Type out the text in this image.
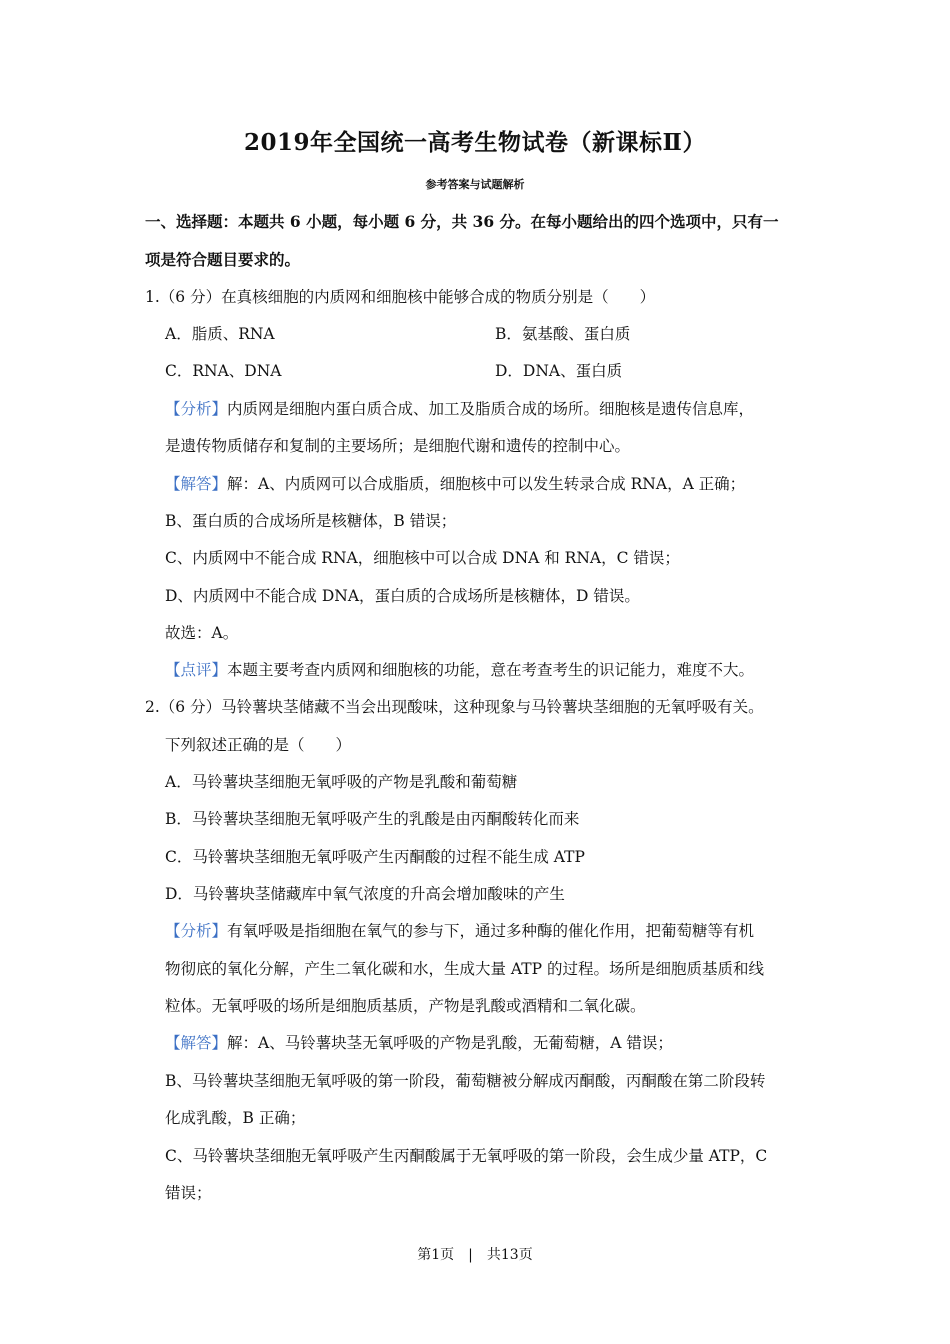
2019年全国统一高考生物试卷（新课标Ⅱ）
参考答案与试题解析
一、选择题：本题共 6 小题，每小题 6 分，共 36 分。在每小题给出的四个选项中，只有一
项是符合题目要求的。
1.（6 分）在真核细胞的内质网和细胞核中能够合成的物质分别是（　　）
A．脂质、RNA	B．氨基酸、蛋白质
C．RNA、DNA	D．DNA、蛋白质
【分析】内质网是细胞内蛋白质合成、加工及脂质合成的场所。细胞核是遗传信息库，
是遗传物质储存和复制的主要场所；是细胞代谢和遗传的控制中心。
【解答】解：A、内质网可以合成脂质，细胞核中可以发生转录合成 RNA，A 正确；
B、蛋白质的合成场所是核糖体，B 错误；
C、内质网中不能合成 RNA，细胞核中可以合成 DNA 和 RNA，C 错误；
D、内质网中不能合成 DNA，蛋白质的合成场所是核糖体，D 错误。
故选：A。
【点评】本题主要考查内质网和细胞核的功能，意在考查考生的识记能力，难度不大。
2.（6 分）马铃薯块茎储藏不当会出现酸味，这种现象与马铃薯块茎细胞的无氧呼吸有关。
下列叙述正确的是（　　）
A．马铃薯块茎细胞无氧呼吸的产物是乳酸和葡萄糖
B．马铃薯块茎细胞无氧呼吸产生的乳酸是由丙酮酸转化而来
C．马铃薯块茎细胞无氧呼吸产生丙酮酸的过程不能生成 ATP
D．马铃薯块茎储藏库中氧气浓度的升高会增加酸味的产生
【分析】有氧呼吸是指细胞在氧气的参与下，通过多种酶的催化作用，把葡萄糖等有机
物彻底的氧化分解，产生二氧化碳和水，生成大量 ATP 的过程。场所是细胞质基质和线
粒体。无氧呼吸的场所是细胞质基质，产物是乳酸或酒精和二氧化碳。
【解答】解：A、马铃薯块茎无氧呼吸的产物是乳酸，无葡萄糖，A 错误；
B、马铃薯块茎细胞无氧呼吸的第一阶段，葡萄糖被分解成丙酮酸，丙酮酸在第二阶段转
化成乳酸，B 正确；
C、马铃薯块茎细胞无氧呼吸产生丙酮酸属于无氧呼吸的第一阶段，会生成少量 ATP，C
错误；
第1页　|　共13页
